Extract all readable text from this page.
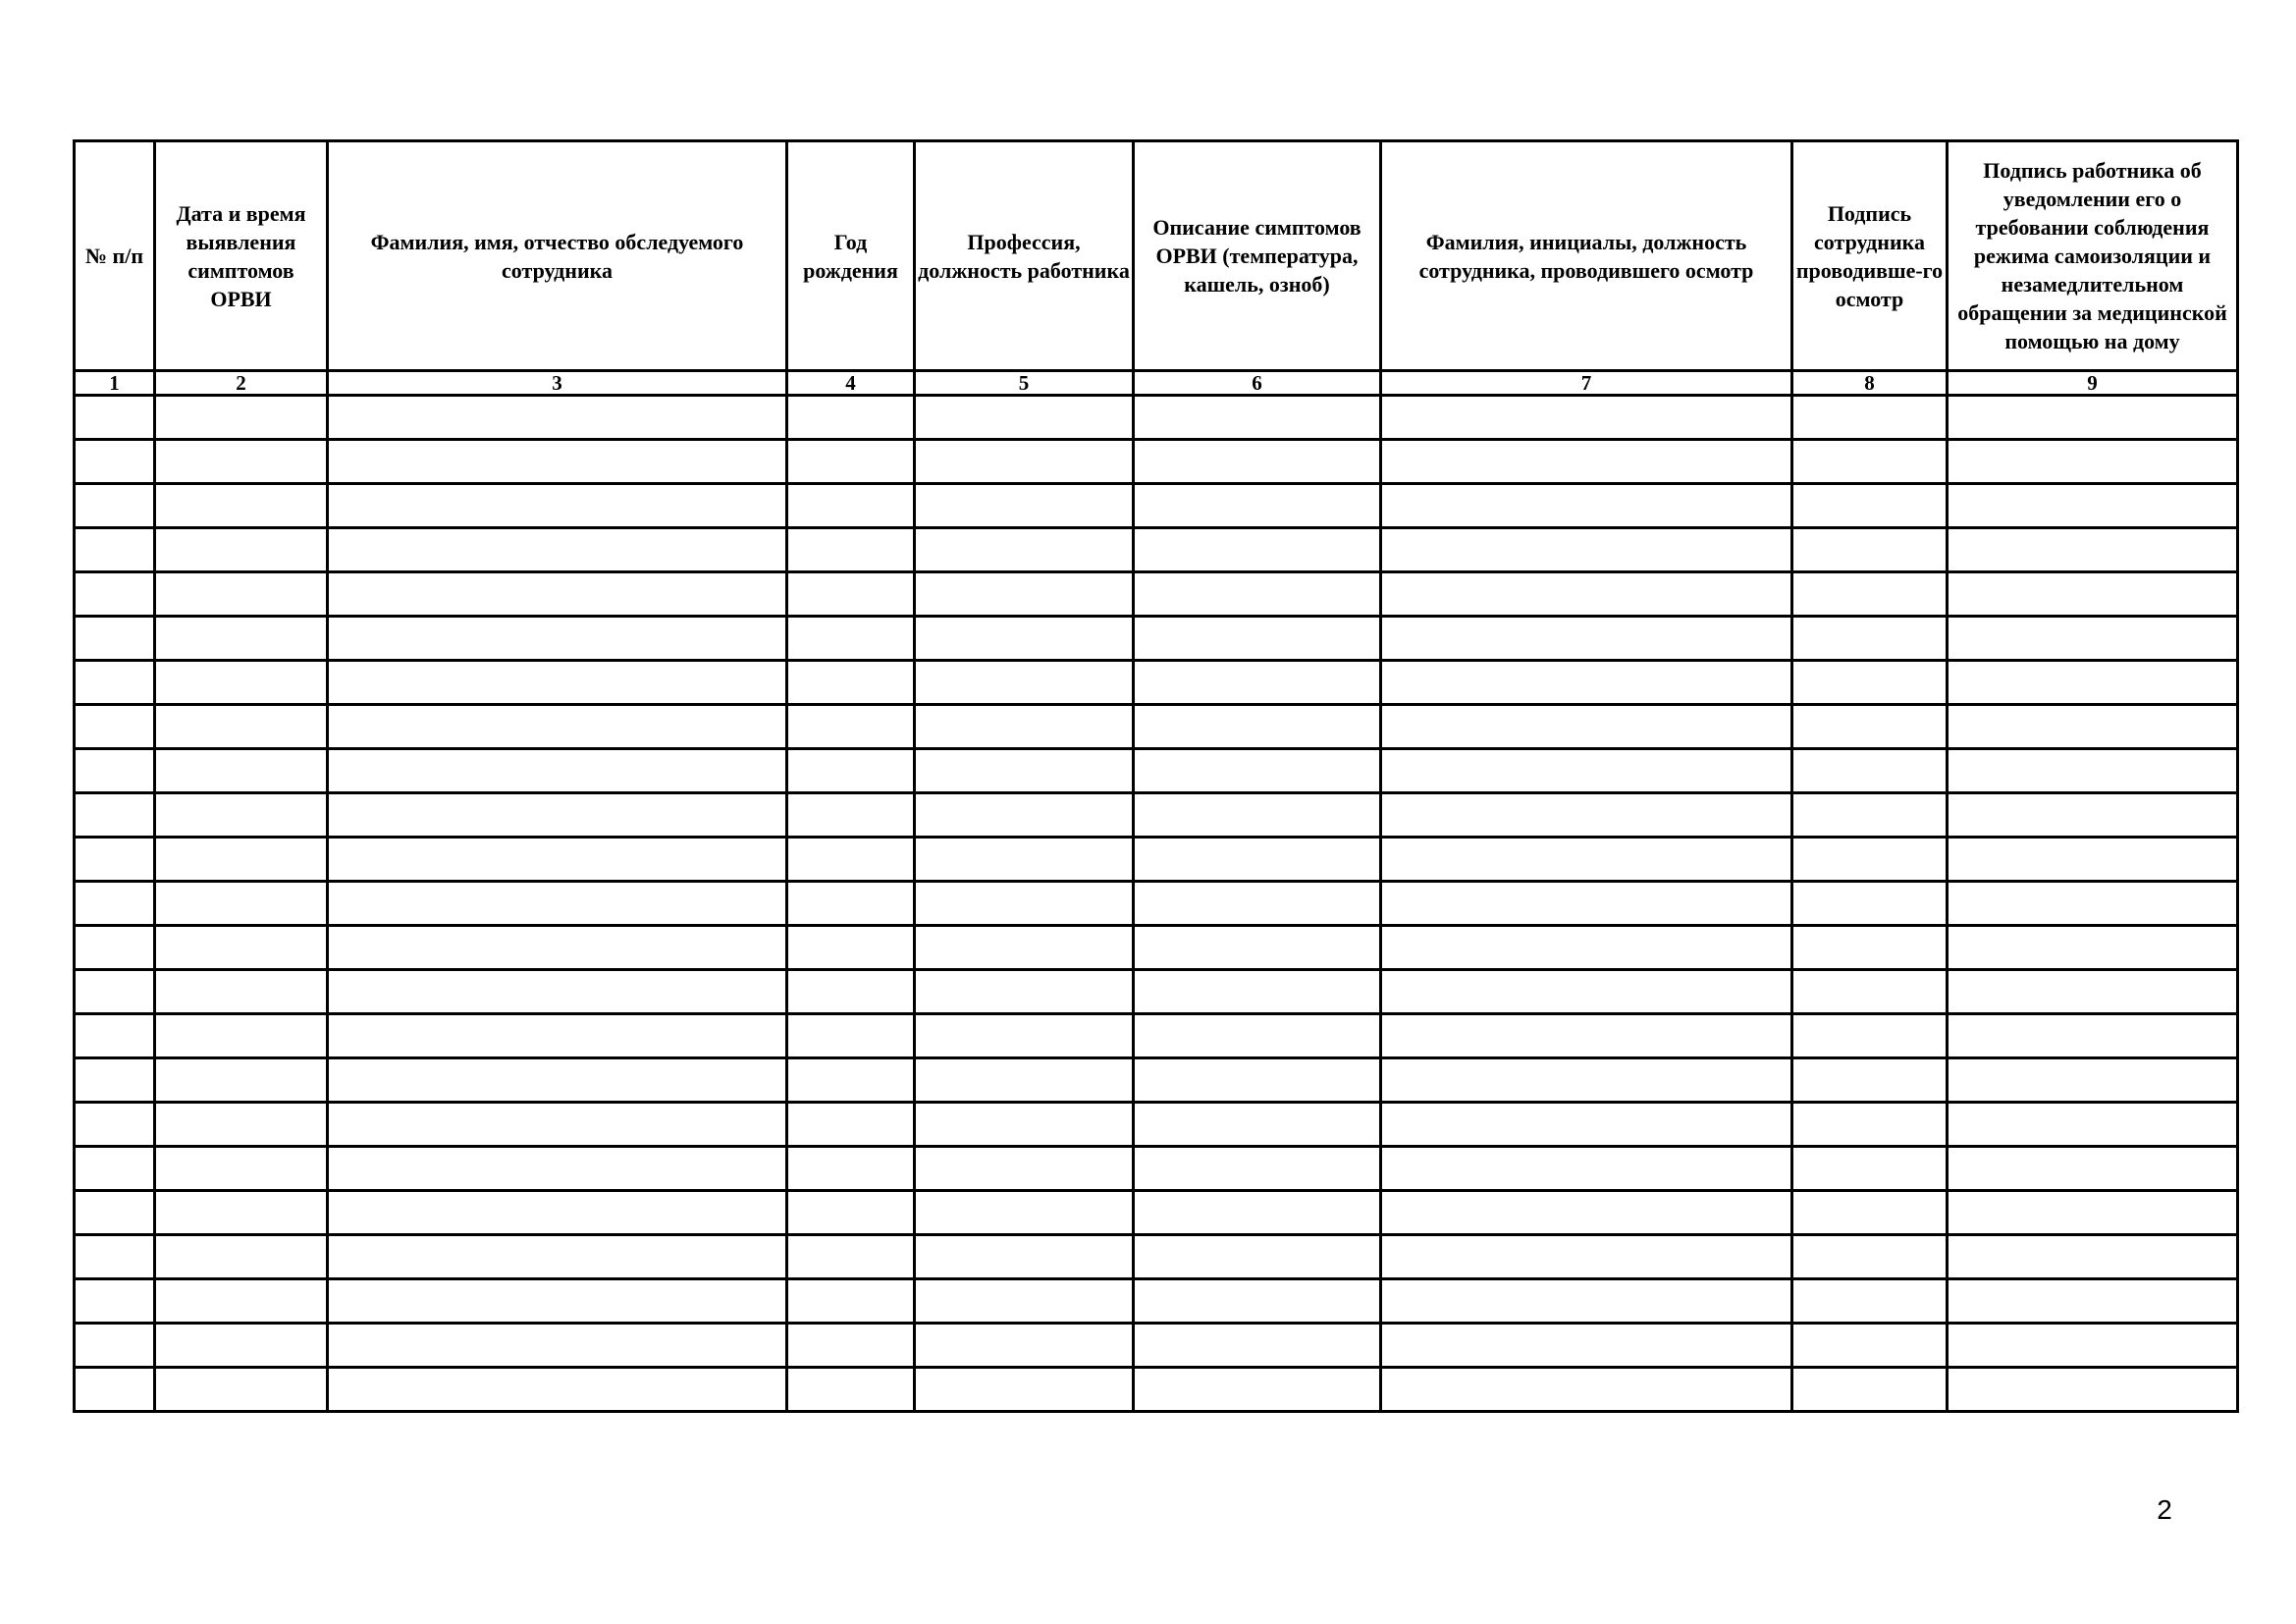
№ п/п	Дата и время выявления симптомов ОРВИ	Фамилия, имя, отчество обследуемого сотрудника	Год рождения	Профессия, должность работника	Описание симптомов ОРВИ (температура, кашель, озноб)	Фамилия, инициалы, должность сотрудника, проводившего осмотр	Подпись сотрудника проводивше-го осмотр	Подпись работника об уведомлении его о требовании соблюдения режима самоизоляции и незамедлительном обращении за медицинской помощью на дому
1	2	3	4	5	6	7	8	9

2
